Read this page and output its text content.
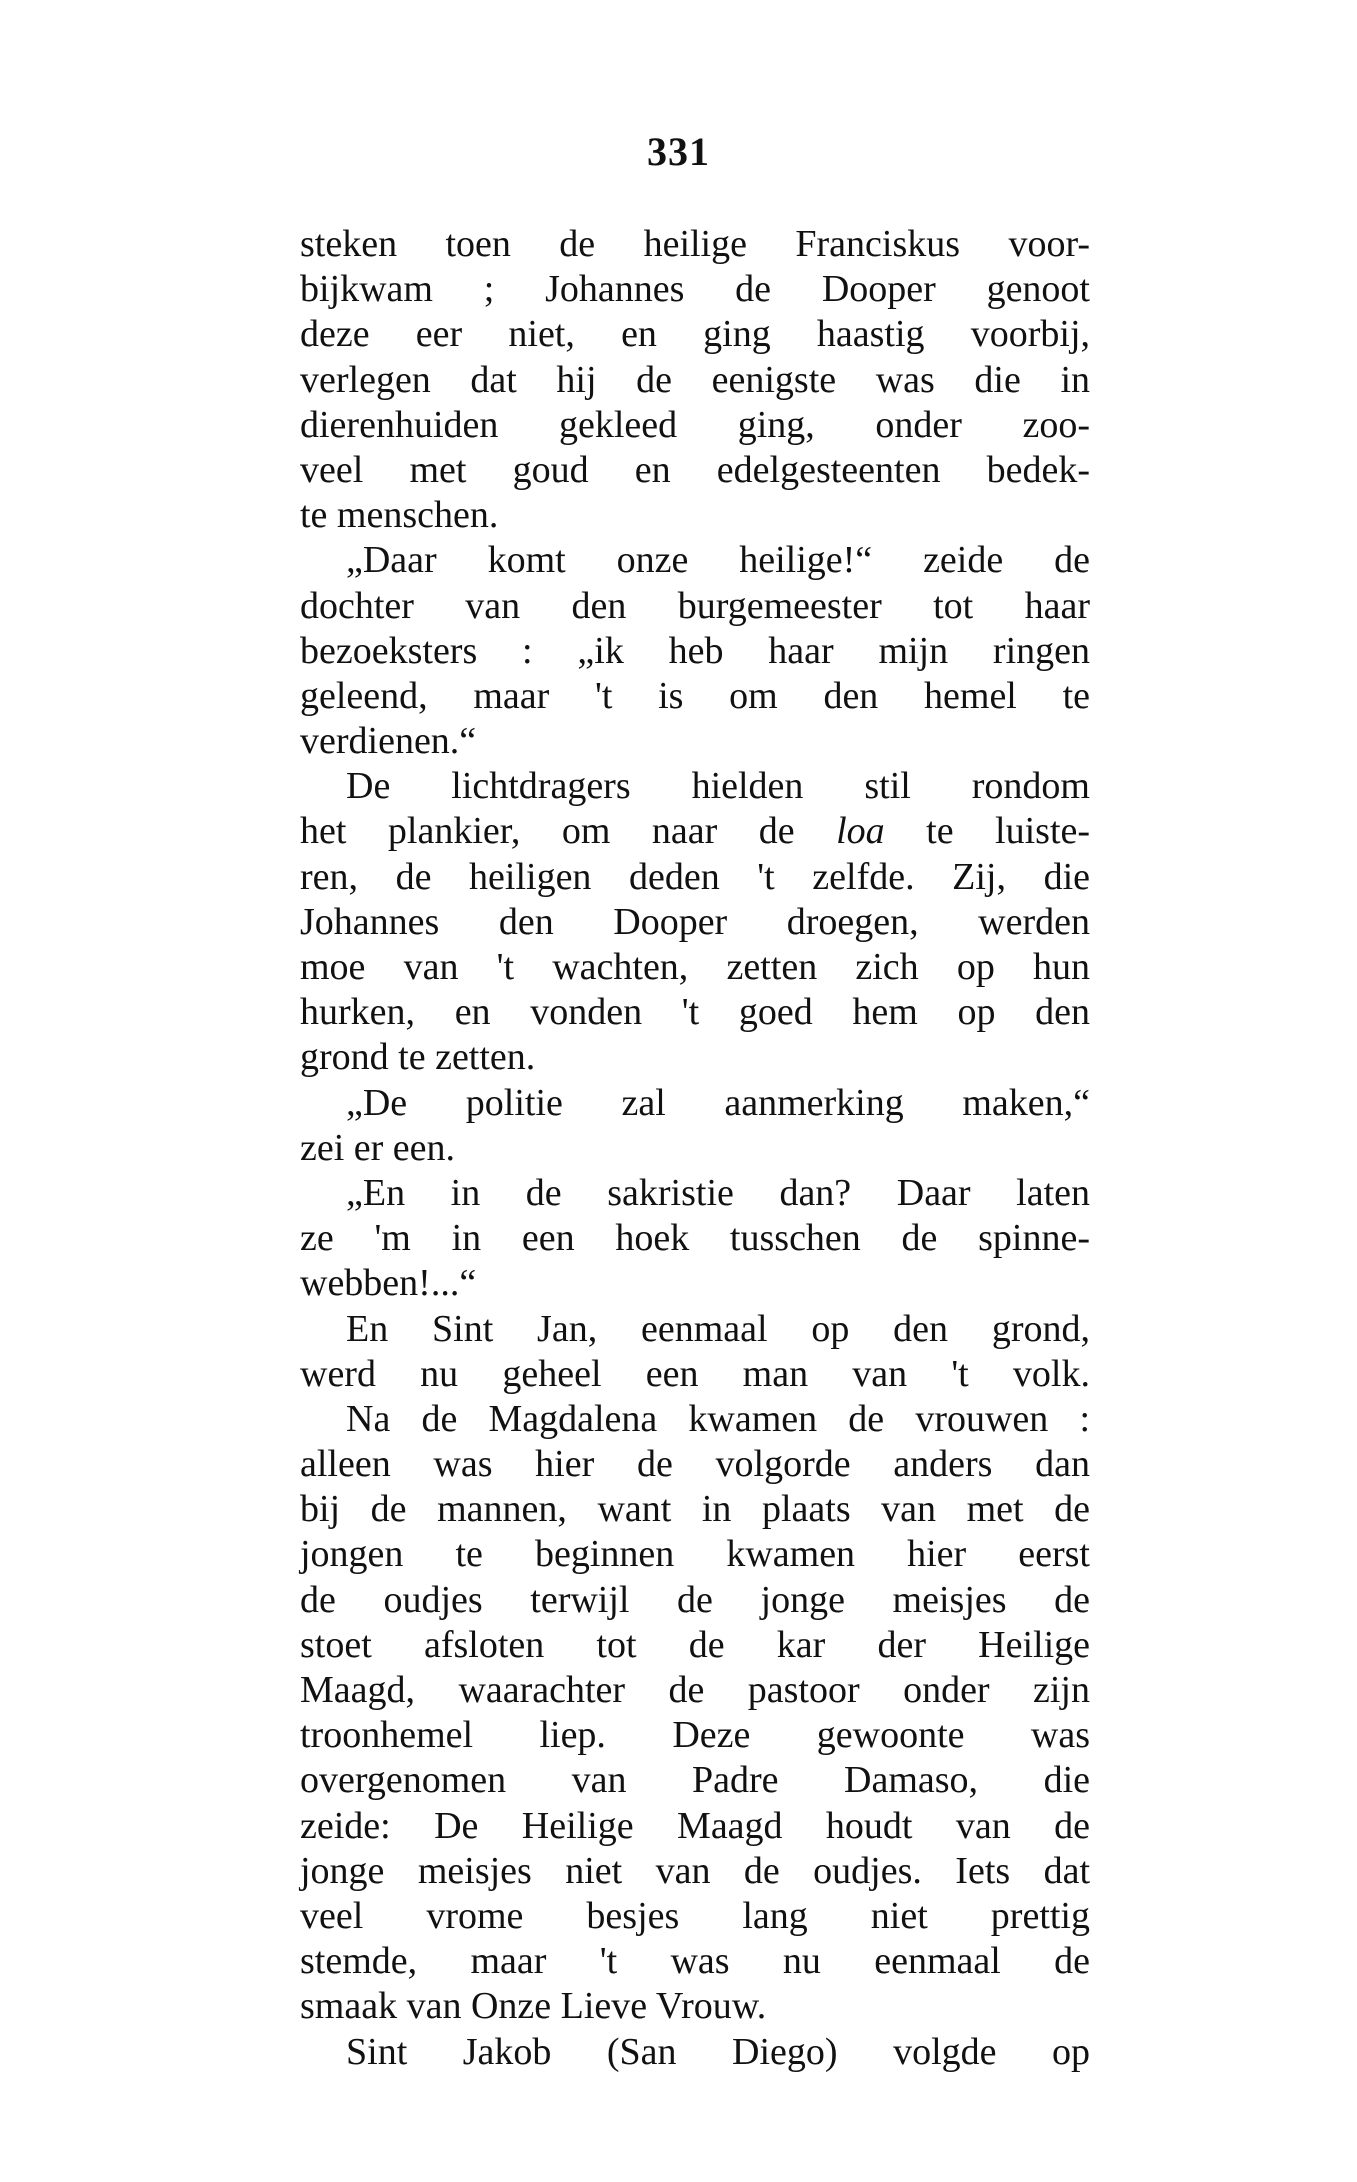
331
steken toen de heilige Franciskus voor-
bijkwam ; Johannes de Dooper genoot
deze eer niet, en ging haastig voorbij,
verlegen dat hij de eenigste was die in
dierenhuiden gekleed ging, onder zoo-
veel met goud en edelgesteenten bedek-
te menschen.
„Daar komt onze heilige!“ zeide de
dochter van den burgemeester tot haar
bezoeksters : „ik heb haar mijn ringen
geleend, maar 't is om den hemel te
verdienen.“
De lichtdragers hielden stil rondom
het plankier, om naar de loa te luiste-
ren, de heiligen deden 't zelfde. Zij, die
Johannes den Dooper droegen, werden
moe van 't wachten, zetten zich op hun
hurken, en vonden 't goed hem op den
grond te zetten.
„De politie zal aanmerking maken,“
zei er een.
„En in de sakristie dan? Daar laten
ze 'm in een hoek tusschen de spinne-
webben!...“
En Sint Jan, eenmaal op den grond,
werd nu geheel een man van 't volk.
Na de Magdalena kwamen de vrouwen :
alleen was hier de volgorde anders dan
bij de mannen, want in plaats van met de
jongen te beginnen kwamen hier eerst
de oudjes terwijl de jonge meisjes de
stoet afsloten tot de kar der Heilige
Maagd, waarachter de pastoor onder zijn
troonhemel liep. Deze gewoonte was
overgenomen van Padre Damaso, die
zeide: De Heilige Maagd houdt van de
jonge meisjes niet van de oudjes. Iets dat
veel vrome besjes lang niet prettig
stemde, maar 't was nu eenmaal de
smaak van Onze Lieve Vrouw.
Sint Jakob (San Diego) volgde op
